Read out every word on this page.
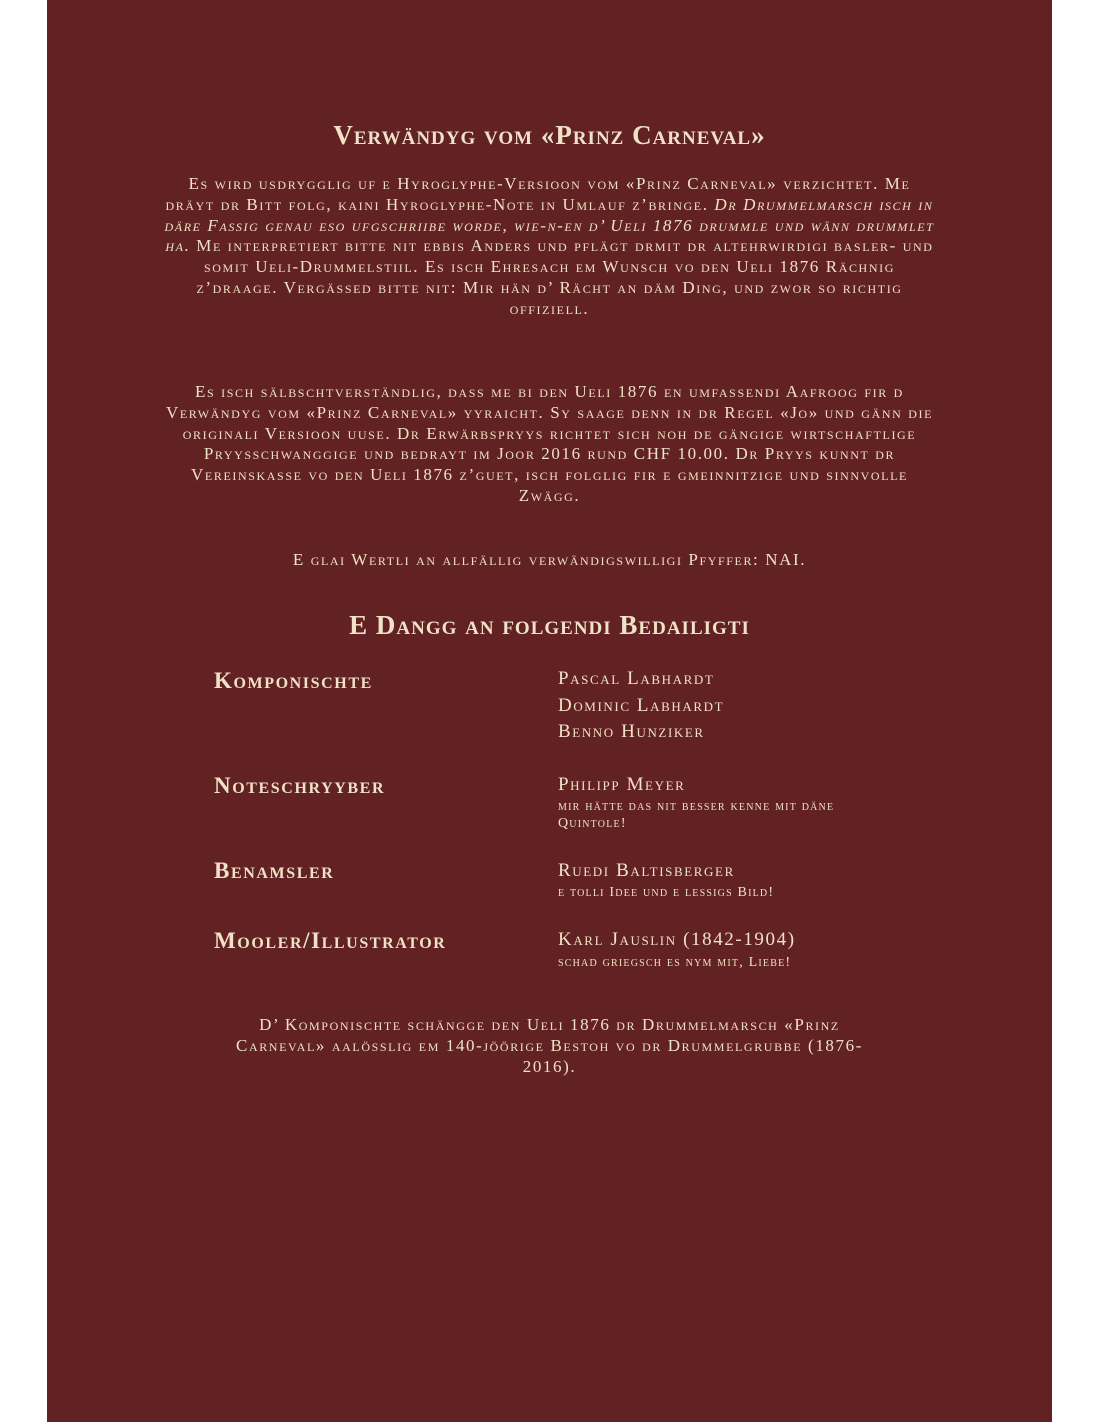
Verwändyg vom «Prinz Carneval»
Es wird usdrygglig uf e Hyroglyphe-Versioon vom «Prinz Carneval» verzichtet. Me dräyt dr Bitt folg, kaini Hyroglyphe-Note in Umlauf z’bringe. Dr Drummelmarsch isch in däre Fassig genau eso ufgschriibe worde, wie-n-en d’ Ueli 1876 drummle und wänn drummlet ha. Me interpretiert bitte nit ebbis Anders und pflägt drmit dr altehrwirdigi basler- und somit Ueli-Drummelstiil. Es isch Ehresach em Wunsch vo den Ueli 1876 Rächnig z’draage. Vergässed bitte nit: Mir hän d’ Rächt an däm Ding, und zwor so richtig offiziell.
Es isch sälbschtverständlig, dass me bi den Ueli 1876 en umfassendi Aafroog fir d Verwändyg vom «Prinz Carneval» yyraicht. Sy saage denn in dr Regel «Jo» und gänn die originali Versioon uuse. Dr Erwärbspryys richtet sich noh de gängige wirtschaftlige Pryysschwanggige und bedrayt im Joor 2016 rund CHF 10.00. Dr Pryys kunnt dr Vereinskasse vo den Ueli 1876 z’guet, isch folglig fir e gmeinnitzige und sinnvolle Zwägg.
E glai Wertli an allfällig verwändigswilligi Pfyffer: NAI.
E Dangg an folgendi Bedailigti
Komponischte	Pascal Labhardt
Dominic Labhardt
Benno Hunziker
Noteschryyber	Philipp Meyer
mir hätte das nit besser kenne mit däne Quintole!
Benamsler	Ruedi Baltisberger
e tolli Idee und e lessigs Bild!
Mooler/Illustrator	Karl Jauslin (1842-1904)
schad griegsch es nym mit, Liebe!
D’ Komponischte schängge den Ueli 1876 dr Drummelmarsch «Prinz Carneval» aalösslig em 140-jöörige Bestoh vo dr Drummelgrubbe (1876-2016).
